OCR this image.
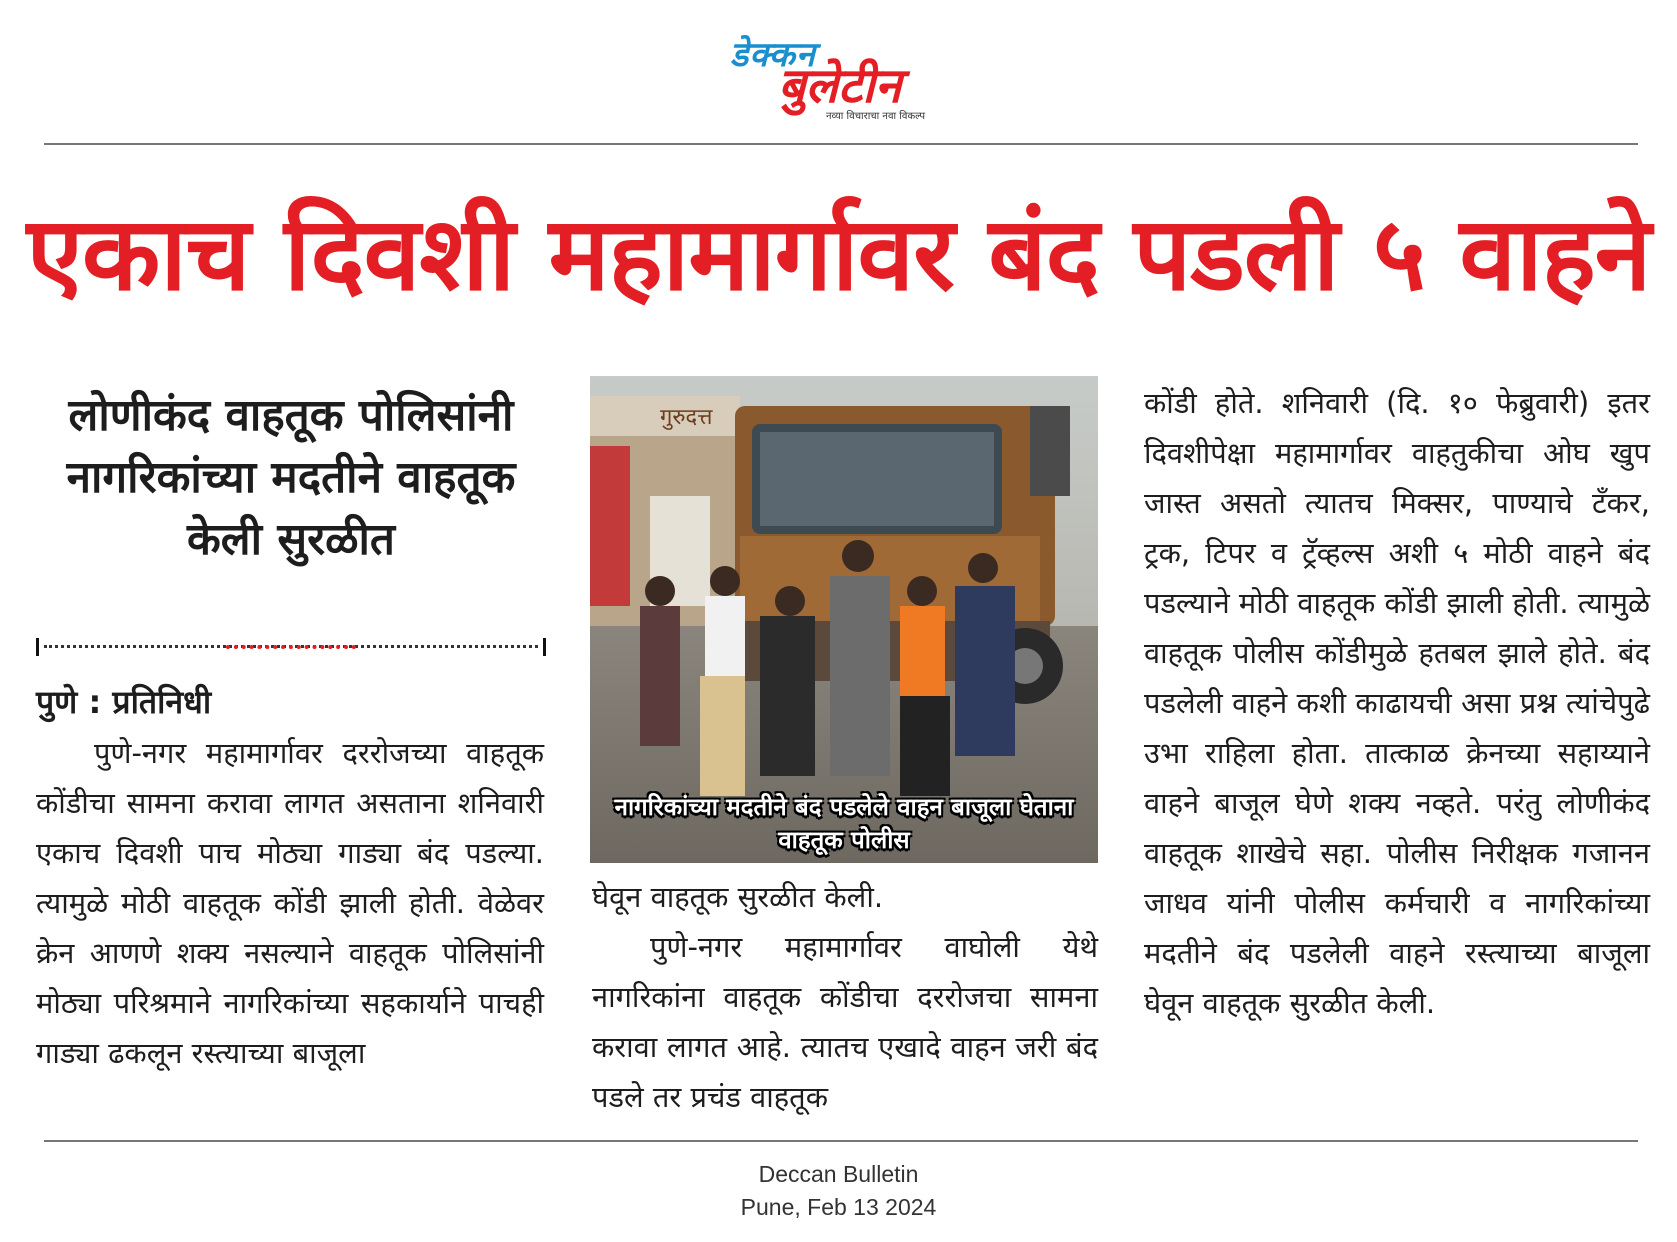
डेक्कन
बुलेटीन
नव्या विचाराचा नवा विकल्प
एकाच दिवशी महामार्गावर बंद पडली ५ वाहने
लोणीकंद वाहतूक पोलिसांनी नागरिकांच्या मदतीने वाहतूक केली सुरळीत
पुणे : प्रतिनिधी
पुणे-नगर महामार्गावर दररोजच्या वाहतूक कोंडीचा सामना करावा लागत असताना शनिवारी एकाच दिवशी पाच मोठ्या गाड्या बंद पडल्या. त्यामुळे मोठी वाहतूक कोंडी झाली होती. वेळेवर क्रेन आणणे शक्य नसल्याने वाहतूक पोलिसांनी मोठ्या परिश्रमाने नागरिकांच्या सहकार्याने पाचही गाड्या ढकलून रस्त्याच्या बाजूला
गुरुदत्त
नागरिकांच्या मदतीने बंद पडलेले वाहन बाजूला घेताना वाहतूक पोलीस
घेवून वाहतूक सुरळीत केली.
पुणे-नगर महामार्गावर वाघोली येथे नागरिकांना वाहतूक कोंडीचा दररोजचा सामना करावा लागत आहे. त्यातच एखादे वाहन जरी बंद पडले तर प्रचंड वाहतूक
कोंडी होते. शनिवारी (दि. १० फेब्रुवारी) इतर दिवशीपेक्षा महामार्गावर वाहतुकीचा ओघ खुप जास्त असतो त्यातच मिक्सर, पाण्याचे टँकर, ट्रक, टिपर व ट्रॅव्हल्स अशी ५ मोठी वाहने बंद पडल्याने मोठी वाहतूक कोंडी झाली होती. त्यामुळे वाहतूक पोलीस कोंडीमुळे हतबल झाले होते. बंद पडलेली वाहने कशी काढायची असा प्रश्न त्यांचेपुढे उभा राहिला होता. तात्काळ क्रेनच्या सहाय्याने वाहने बाजूल घेणे शक्य नव्हते. परंतु लोणीकंद वाहतूक शाखेचे सहा. पोलीस निरीक्षक गजानन जाधव यांनी पोलीस कर्मचारी व नागरिकांच्या मदतीने बंद पडलेली वाहने रस्त्याच्या बाजूला घेवून वाहतूक सुरळीत केली.
Deccan Bulletin
Pune, Feb 13 2024
